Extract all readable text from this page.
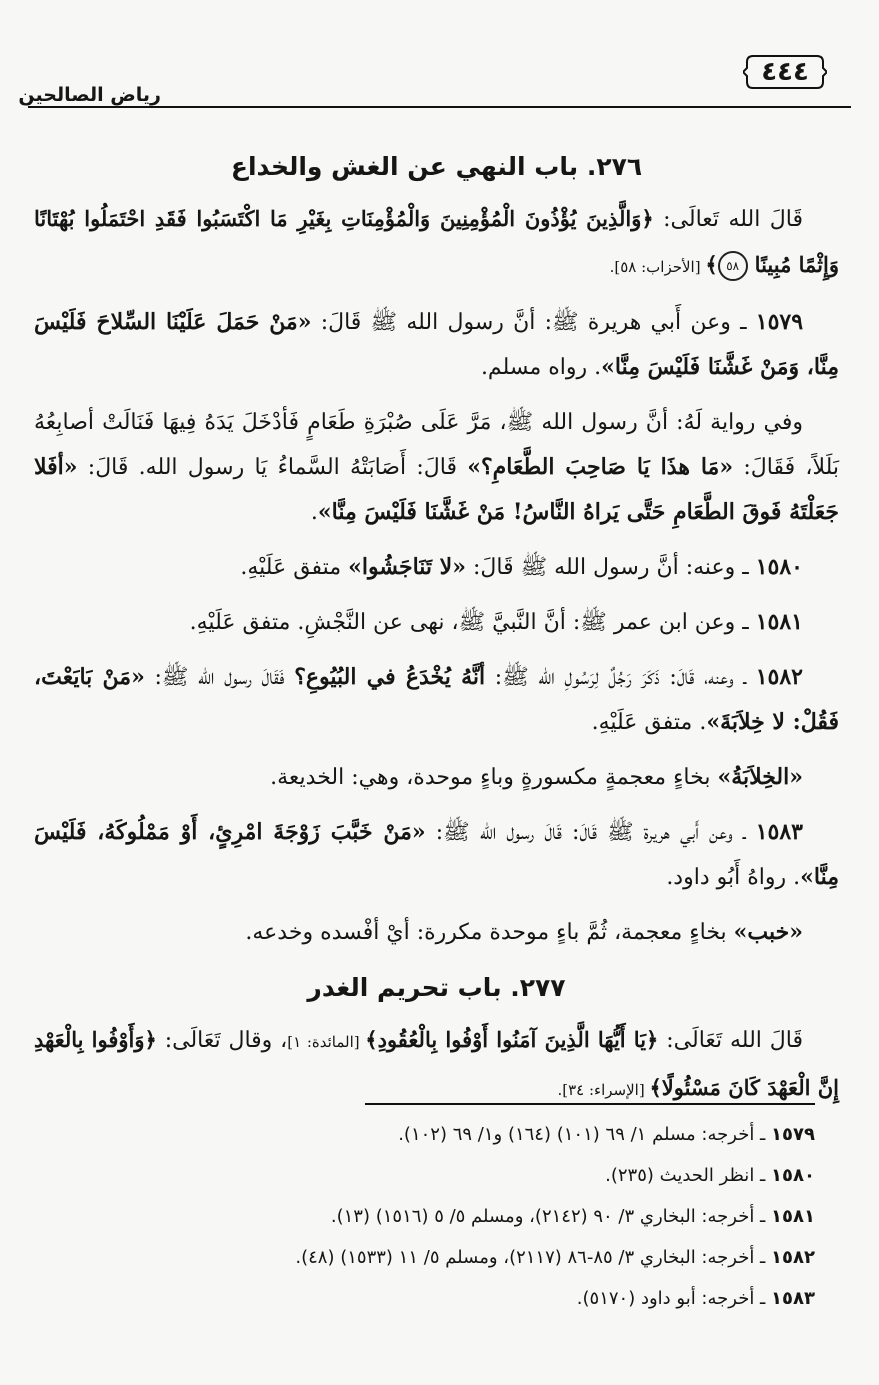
رياض الصالحين
٤٤٤
٢٧٦. باب النهي عن الغش والخداع

قَالَ الله تَعالَى: ﴿وَالَّذِينَ يُؤْذُونَ الْمُؤْمِنِينَ وَالْمُؤْمِنَاتِ بِغَيْرِ مَا اكْتَسَبُوا فَقَدِ احْتَمَلُوا بُهْتَانًا وَإِثْمًا مُبِينًا ٥٨﴾ [الأحزاب: ٥٨].

١٥٧٩ ـ وعن أَبي هريرة ﷺ: أنَّ رسول الله ﷺ قَالَ: «مَنْ حَمَلَ عَلَيْنَا السِّلاحَ فَلَيْسَ مِنَّا، وَمَنْ غَشَّنَا فَلَيْسَ مِنَّا». رواه مسلم.

وفي رواية لَهُ: أنَّ رسول الله ﷺ، مَرَّ عَلَى صُبْرَةِ طَعَامٍ فَأدْخَلَ يَدَهُ فِيهَا فَنَالَتْ أصابِعُهُ بَلَلاً، فَقَالَ: «مَا هذَا يَا صَاحِبَ الطَّعَامِ؟» قَالَ: أَصَابَتْهُ السَّماءُ يَا رسول الله. قَالَ: «أفَلا جَعَلْتَهُ فَوقَ الطَّعَامِ حَتَّى يَراهُ النَّاسُ! مَنْ غَشَّنَا فَلَيْسَ مِنَّا».

١٥٨٠ ـ وعنه: أنَّ رسول الله ﷺ قَالَ: «لا تَنَاجَشُوا» متفق عَلَيْهِ.

١٥٨١ ـ وعن ابن عمر ﷺ: أنَّ النَّبيَّ ﷺ، نهى عن النَّجْشِ. متفق عَلَيْهِ.

١٥٨٢ ـ وعنه، قَالَ: ذَكَرَ رَجُلٌ لِرَسُولِ الله ﷺ: أنَّهُ يُخْدَعُ في البُيُوعِ؟ فَقَالَ رسول الله ﷺ: «مَنْ بَايَعْتَ، فَقُلْ: لا خِلاَبَةَ». متفق عَلَيْهِ.

«الخِلاَبَةُ» بخاءٍ معجمةٍ مكسورةٍ وباءٍ موحدة، وهي: الخديعة.

١٥٨٣ ـ وعن أَبي هريرة ﷺ قَالَ: قَالَ رسول الله ﷺ: «مَنْ خَبَّبَ زَوْجَةَ امْرِئٍ، أَوْ مَمْلُوكَهُ، فَلَيْسَ مِنَّا». رواهُ أَبُو داود.

«خبب» بخاءٍ معجمة، ثُمَّ باءٍ موحدة مكررة: أيْ أفْسده وخدعه.

٢٧٧. باب تحريم الغدر

قَالَ الله تَعَالَى: ﴿يَا أَيُّهَا الَّذِينَ آمَنُوا أَوْفُوا بِالْعُقُودِ﴾ [المائدة: ١]، وقال تَعَالَى: ﴿وَأَوْفُوا بِالْعَهْدِ إِنَّ الْعَهْدَ كَانَ مَسْئُولًا﴾ [الإسراء: ٣٤].

١٥٧٩ ـ أخرجه: مسلم ١/ ٦٩ (١٠١) (١٦٤) و١/ ٦٩ (١٠٢).
١٥٨٠ ـ انظر الحديث (٢٣٥).
١٥٨١ ـ أخرجه: البخاري ٣/ ٩٠ (٢١٤٢)، ومسلم ٥/ ٥ (١٥١٦) (١٣).
١٥٨٢ ـ أخرجه: البخاري ٣/ ٨٥-٨٦ (٢١١٧)، ومسلم ٥/ ١١ (١٥٣٣) (٤٨).
١٥٨٣ ـ أخرجه: أبو داود (٥١٧٠).
